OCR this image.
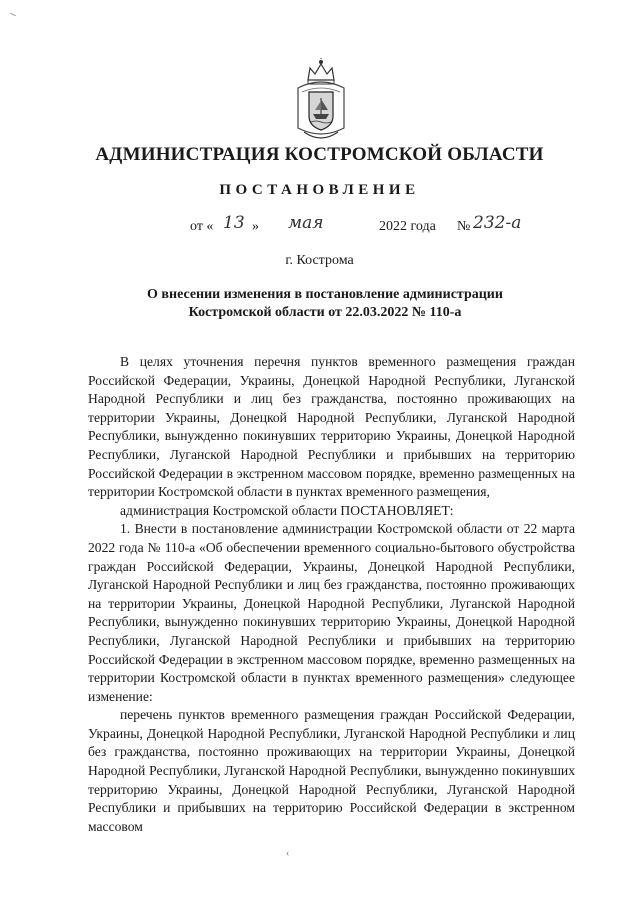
АДМИНИСТРАЦИЯ КОСТРОМСКОЙ ОБЛАСТИ
ПОСТАНОВЛЕНИЕ
от « 13 » мая	2022 года № 232-а
г. Кострома
О внесении изменения в постановление администрации
Костромской области от 22.03.2022 № 110-а

В целях уточнения перечня пунктов временного размещения граждан Российской Федерации, Украины, Донецкой Народной Республики, Луганской Народной Республики и лиц без гражданства, постоянно проживающих на территории Украины, Донецкой Народной Республики, Луганской Народной Республики, вынужденно покинувших территорию Украины, Донецкой Народной Республики, Луганской Народной Республики и прибывших на территорию Российской Федерации в экстренном массовом порядке, временно размещенных на территории Костромской области в пунктах временного размещения,

администрация Костромской области ПОСТАНОВЛЯЕТ:

1. Внести в постановление администрации Костромской области от 22 марта 2022 года № 110-а «Об обеспечении временного социально-бытового обустройства граждан Российской Федерации, Украины, Донецкой Народной Республики, Луганской Народной Республики и лиц без гражданства, постоянно проживающих на территории Украины, Донецкой Народной Республики, Луганской Народной Республики, вынужденно покинувших территорию Украины, Донецкой Народной Республики, Луганской Народной Республики и прибывших на территорию Российской Федерации в экстренном массовом порядке, временно размещенных на территории Костромской области в пунктах временного размещения» следующее изменение:

перечень пунктов временного размещения граждан Российской Федерации, Украины, Донецкой Народной Республики, Луганской Народной Республики и лиц без гражданства, постоянно проживающих на территории Украины, Донецкой Народной Республики, Луганской Народной Республики, вынужденно покинувших территорию Украины, Донецкой Народной Республики, Луганской Народной Республики и прибывших на территорию Российской Федерации в экстренном массовом

‹
